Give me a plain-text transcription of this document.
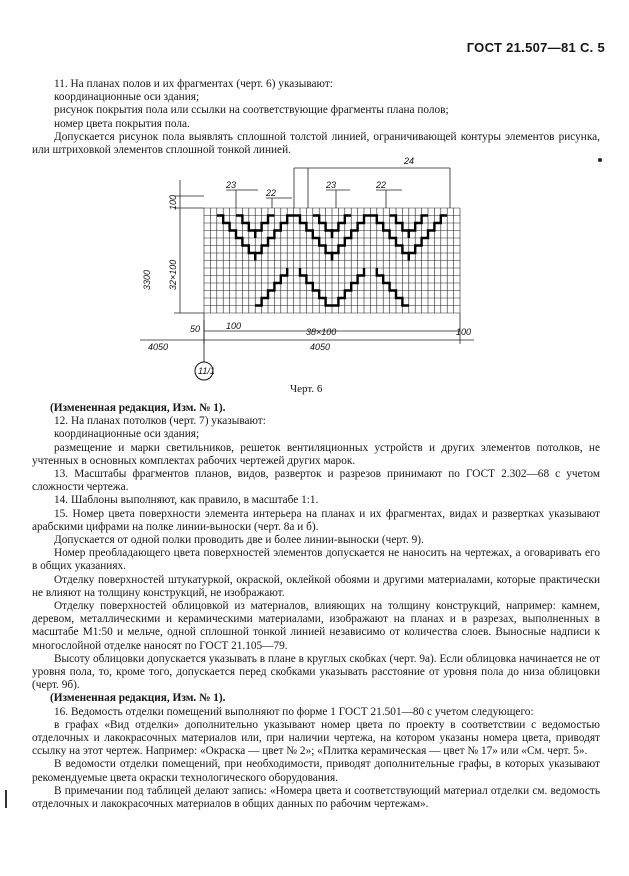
ГОСТ 21.507—81 С. 5

11. На планах полов и их фрагментах (черт. 6) указывают:

координационные оси здания;

рисунок покрытия пола или ссылки на соответствующие фрагменты плана полов;

номер цвета покрытия пола.

Допускается рисунок пола выявлять сплошной толстой линией, ограничивающей контуры элементов рисунка, или штриховкой элементов сплошной тонкой линией.

24
23
22
23	22
100
3300 32×100
50	100
38×100	100
4050	4050
11/1
Черт. 6

(Измененная редакция, Изм. № 1).

12. На планах потолков (черт. 7) указывают:

координационные оси здания;

размещение и марки светильников, решеток вентиляционных устройств и других элементов потолков, не учтенных в основных комплектах рабочих чертежей других марок.

13. Масштабы фрагментов планов, видов, разверток и разрезов принимают по ГОСТ 2.302—68 с учетом сложности чертежа.

14. Шаблоны выполняют, как правило, в масштабе 1:1.

15. Номер цвета поверхности элемента интерьера на планах и их фрагментах, видах и развертках указывают арабскими цифрами на полке линии-выноски (черт. 8а и б).

Допускается от одной полки проводить две и более линии-выноски (черт. 9).

Номер преобладающего цвета поверхностей элементов допускается не наносить на чертежах, а оговаривать его в общих указаниях.

Отделку поверхностей штукатуркой, окраской, оклейкой обоями и другими материалами, которые практически не влияют на толщину конструкций, не изображают.

Отделку поверхностей облицовкой из материалов, влияющих на толщину конструкций, например: камнем, деревом, металлическими и керамическими материалами, изображают на планах и в разрезах, выполненных в масштабе М1:50 и мельче, одной сплошной тонкой линией независимо от количества слоев. Выносные надписи к многослойной отделке наносят по ГОСТ 21.105—79.

Высоту облицовки допускается указывать в плане в круглых скобках (черт. 9а). Если облицовка начинается не от уровня пола, то, кроме того, допускается перед скобками указывать расстояние от уровня пола до низа облицовки (черт. 9б).

(Измененная редакция, Изм. № 1).

16. Ведомость отделки помещений выполняют по форме 1 ГОСТ 21.501—80 с учетом следующего:

в графах «Вид отделки» дополнительно указывают номер цвета по проекту в соответствии с ведомостью отделочных и лакокрасочных материалов или, при наличии чертежа, на котором указаны номера цвета, приводят ссылку на этот чертеж. Например: «Окраска — цвет № 2»; «Плитка керамическая — цвет № 17» или «См. черт. 5».

В ведомости отделки помещений, при необходимости, приводят дополнительные графы, в которых указывают рекомендуемые цвета окраски технологического оборудования.

В примечании под таблицей делают запись: «Номера цвета и соответствующий материал отделки см. ведомость отделочных и лакокрасочных материалов в общих данных по рабочим чертежам».
